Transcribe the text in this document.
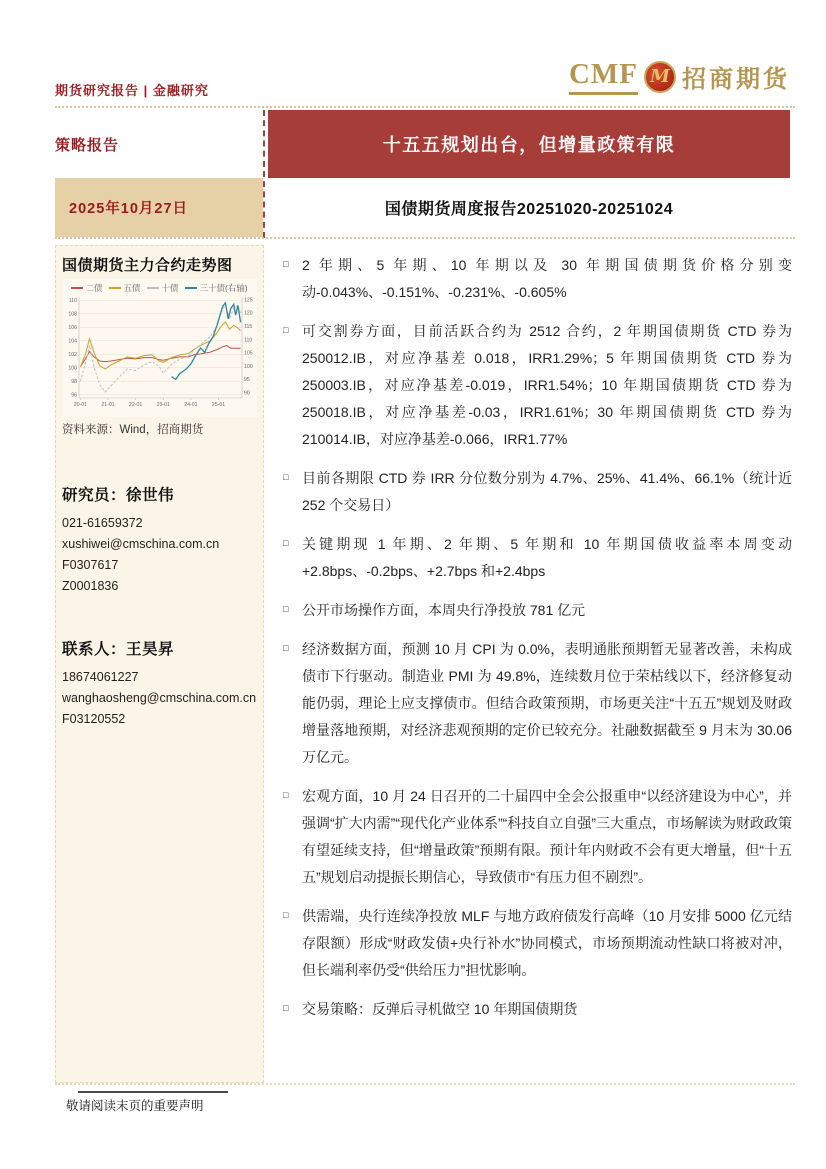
期货研究报告 | 金融研究
CMF M 招商期货
策略报告	十五五规划出台，但增量政策有限
2025年10月27日	国债期货周度报告20251020-20251024
国债期货主力合约走势图
二债 五债 十债 三十债(右轴)
96
98
100
102
104
106
108
110
90
95
100
105
110
115
120
125
20-01	21-01	22-01	23-01	24-01	25-01
资料来源：Wind，招商期货
研究员：徐世伟
021-61659372
xushiwei@cmschina.com.cn
F0307617
Z0001836
联系人：王昊昇
18674061227
wanghaosheng@cmschina.com.cn
F03120552
□ 2 年期、5 年期、10 年期以及 30 年期国债期货价格分别变动-0.043%、-0.151%、-0.231%、-0.605%
□ 可交割券方面，目前活跃合约为 2512 合约，2 年期国债期货 CTD 券为 250012.IB，对应净基差 0.018，IRR1.29%；5 年期国债期货 CTD 券为 250003.IB，对应净基差-0.019，IRR1.54%；10 年期国债期货 CTD 券为 250018.IB，对应净基差-0.03，IRR1.61%；30 年期国债期货 CTD 券为 210014.IB，对应净基差-0.066，IRR1.77%
□ 目前各期限 CTD 券 IRR 分位数分别为 4.7%、25%、41.4%、66.1%（统计近 252 个交易日）
□ 关键期现 1 年期、2 年期、5 年期和 10 年期国债收益率本周变动+2.8bps、-0.2bps、+2.7bps 和+2.4bps
□ 公开市场操作方面，本周央行净投放 781 亿元
□ 经济数据方面，预测 10 月 CPI 为 0.0%，表明通胀预期暂无显著改善，未构成债市下行驱动。制造业 PMI 为 49.8%，连续数月位于荣枯线以下，经济修复动能仍弱，理论上应支撑债市。但结合政策预期，市场更关注“十五五”规划及财政增量落地预期，对经济悲观预期的定价已较充分。社融数据截至 9 月末为 30.06 万亿元。
□ 宏观方面，10 月 24 日召开的二十届四中全会公报重申“以经济建设为中心”，并强调“扩大内需”“现代化产业体系”“科技自立自强”三大重点，市场解读为财政政策有望延续支持，但“增量政策”预期有限。预计年内财政不会有更大增量，但“十五五”规划启动提振长期信心，导致债市“有压力但不剧烈”。
□ 供需端，央行连续净投放 MLF 与地方政府债发行高峰（10 月安排 5000 亿元结存限额）形成“财政发债+央行补水”协同模式，市场预期流动性缺口将被对冲，但长端利率仍受“供给压力”担忧影响。
□ 交易策略：反弹后寻机做空 10 年期国债期货
敬请阅读末页的重要声明
